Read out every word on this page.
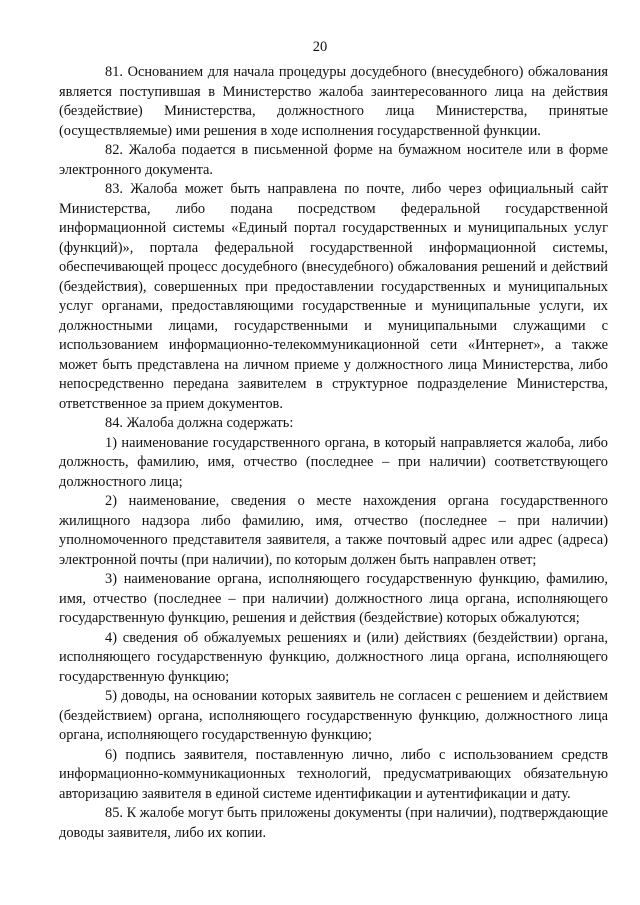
20

81. Основанием для начала процедуры досудебного (внесудебного) обжалования является поступившая в Министерство жалоба заинтересованного лица на действия (бездействие) Министерства, должностного лица Министерства, принятые (осуществляемые) ими решения в ходе исполнения государственной функции.

82. Жалоба подается в письменной форме на бумажном носителе или в форме электронного документа.

83. Жалоба может быть направлена по почте, либо через официальный сайт Министерства, либо подана посредством федеральной государственной информационной системы «Единый портал государственных и муниципальных услуг (функций)», портала федеральной государственной информационной системы, обеспечивающей процесс досудебного (внесудебного) обжалования решений и действий (бездействия), совершенных при предоставлении государственных и муниципальных услуг органами, предоставляющими государственные и муниципальные услуги, их должностными лицами, государственными и муниципальными служащими с использованием информационно-телекоммуникационной сети «Интернет», а также может быть представлена на личном приеме у должностного лица Министерства, либо непосредственно передана заявителем в структурное подразделение Министерства, ответственное за прием документов.

84. Жалоба должна содержать:

1) наименование государственного органа, в который направляется жалоба, либо должность, фамилию, имя, отчество (последнее – при наличии) соответствующего должностного лица;

2) наименование, сведения о месте нахождения органа государственного жилищного надзора либо фамилию, имя, отчество (последнее – при наличии) уполномоченного представителя заявителя, а также почтовый адрес или адрес (адреса) электронной почты (при наличии), по которым должен быть направлен ответ;

3) наименование органа, исполняющего государственную функцию, фамилию, имя, отчество (последнее – при наличии) должностного лица органа, исполняющего государственную функцию, решения и действия (бездействие) которых обжалуются;

4) сведения об обжалуемых решениях и (или) действиях (бездействии) органа, исполняющего государственную функцию, должностного лица органа, исполняющего государственную функцию;

5) доводы, на основании которых заявитель не согласен с решением и действием (бездействием) органа, исполняющего государственную функцию, должностного лица органа, исполняющего государственную функцию;

6) подпись заявителя, поставленную лично, либо с использованием средств информационно-коммуникационных технологий, предусматривающих обязательную авторизацию заявителя в единой системе идентификации и аутентификации и дату.

85. К жалобе могут быть приложены документы (при наличии), подтверждающие доводы заявителя, либо их копии.
